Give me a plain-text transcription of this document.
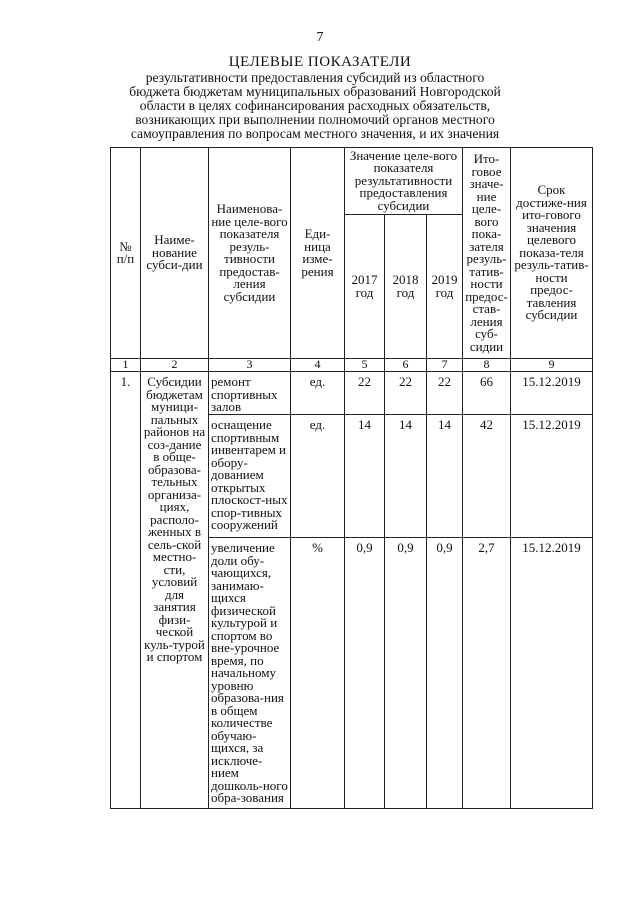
7
ЦЕЛЕВЫЕ ПОКАЗАТЕЛИ
результативности предоставления субсидий из областного бюджета бюджетам муниципальных образований Новгородской области в целях софинансирования расходных обязательств, возникающих при выполнении полномочий органов местного самоуправления по вопросам местного значения, и их значения
№ п/п	Наиме-нование субси-дии	Наименова-ние целе-вого показателя резуль-тивности предостав-ления субсидии	Еди-ница изме-рения	Значение целе-вого показателя результативности предоставления субсидии			Ито-говое значе-ние целе-вого пока-зателя резуль-татив-ности предос-став-ления суб-сидии	Срок достиже-ния ито-гового значения целевого показа-теля резуль-татив-ности предос-тавления субсидии
				2017 год	2018 год	2019 год		
1	2	3	4	5	6	7	8	9
1.	Субсидии бюджетам муници-пальных районов на соз-дание в обще-образова-тельных организа-циях, располо-женных в сель-ской местно-сти, условий для занятия физи-ческой куль-турой и спортом	ремонт спортивных залов	ед.	22	22	22	66	15.12.2019
		оснащение спортивным инвентарем и обору-дованием открытых плоскост-ных спор-тивных сооружений	ед.	14	14	14	42	15.12.2019
		увеличение доли обу-чающихся, занимаю-щихся физической культурой и спортом во вне-урочное время, по начальному уровню образова-ния в общем количестве обучаю-щихся, за исключе-нием дошколь-ного обра-зования	%	0,9	0,9	0,9	2,7	15.12.2019
